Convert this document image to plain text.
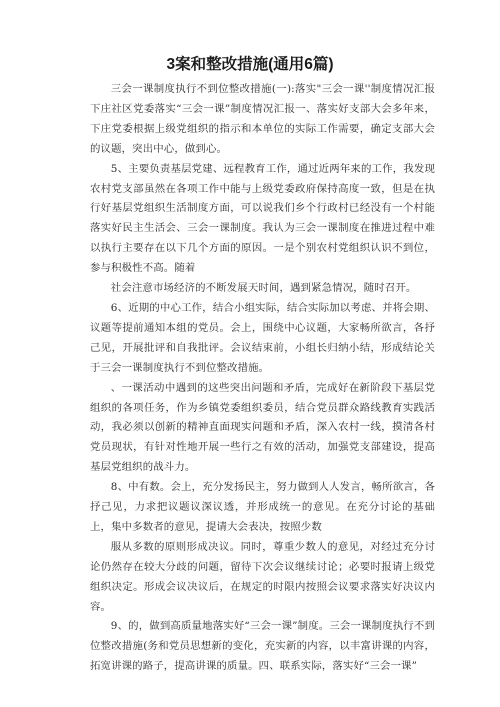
3案和整改措施(通用6篇)

三会一课制度执行不到位整改措施(一):落实"三会一课''制度情况汇报下庄社区党委落实“三会一课”制度情况汇报一、落实好支部大会多年来，下庄党委根据上级党组织的指示和本单位的实际工作需要，确定支部大会的议题，突出中心，做到心。

5、主要负责基层党建、远程教育工作，通过近两年来的工作，我发现农村党支部虽然在各项工作中能与上级党委政府保持高度一致，但是在执行好基层党组织生活制度方面，可以说我们乡个行政村已经没有一个村能落实好民主生活会、三会一课制度。我认为三会一课制度在推进过程中难以执行主要存在以下几个方面的原因。一是个别农村党组织认识不到位，参与积极性不高。随着

社会注意市场经济的不断发展天时间，遇到紧急情况，随时召开。

6、近期的中心工作，结合小组实际，结合实际加以考虑、并将会期、议题等提前通知本组的党员。会上，围绕中心议题，大家畅所欲言，各抒己见，开展批评和自我批评。会议结束前，小组长归纳小结，形成结论关于三会一课制度执行不到位整改措施。

、一课活动中遇到的这些突出问题和矛盾，完成好在新阶段下基层党组织的各项任务，作为乡镇党委组织委员，结合党员群众路线教育实践活动，我必须以创新的精神直面现实问题和矛盾，深入农村一线，摸清各村党员现状，有针对性地开展一些行之有效的活动，加强党支部建设，提高基层党组织的战斗力。

8、中有数。会上，充分发扬民主，努力做到人人发言，畅所欲言，各抒己见，力求把议题议深议透，并形成统一的意见。在充分讨论的基础上，集中多数者的意见，提请大会表决，按照少数

服从多数的原则形成决议。同时，尊重少数人的意见，对经过充分讨论仍然存在较大分歧的问题，留待下次会议继续讨论；必要时报请上级党组织决定。形成会议决议后，在规定的时限内按照会议要求落实好决议内容。

9、的，做到高质量地落实好“三会一课”制度。三会一课制度执行不到位整改措施(务和党员思想新的变化，充实新的内容，以丰富讲课的内容，拓宽讲课的路子，提高讲课的质量。四、联系实际，落实好“三会一课”
